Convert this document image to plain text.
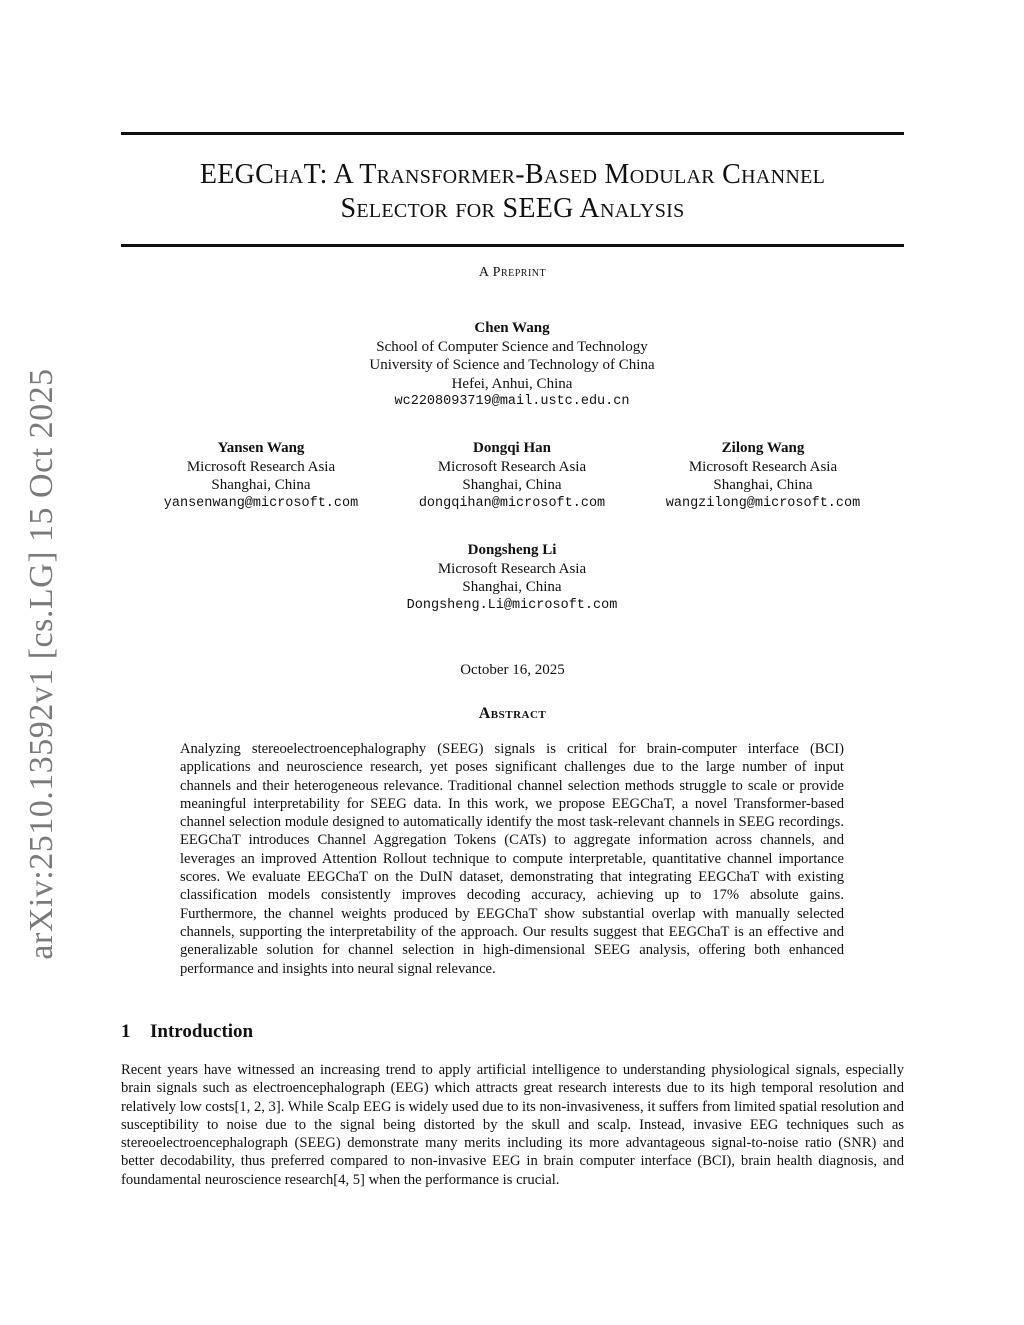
arXiv:2510.13592v1 [cs.LG] 15 Oct 2025
EEGChaT: A Transformer-Based Modular Channel
Selector for SEEG Analysis
A Preprint
Chen Wang
School of Computer Science and Technology
University of Science and Technology of China
Hefei, Anhui, China
wc2208093719@mail.ustc.edu.cn
Yansen Wang
Microsoft Research Asia
Shanghai, China
yansenwang@microsoft.com
Dongqi Han
Microsoft Research Asia
Shanghai, China
dongqihan@microsoft.com
Zilong Wang
Microsoft Research Asia
Shanghai, China
wangzilong@microsoft.com
Dongsheng Li
Microsoft Research Asia
Shanghai, China
Dongsheng.Li@microsoft.com
October 16, 2025
Abstract

Analyzing stereoelectroencephalography (SEEG) signals is critical for brain-computer interface (BCI) applications and neuroscience research, yet poses significant challenges due to the large number of input channels and their heterogeneous relevance. Traditional channel selection methods struggle to scale or provide meaningful interpretability for SEEG data. In this work, we propose EEGChaT, a novel Transformer-based channel selection module designed to automatically identify the most task-relevant channels in SEEG recordings. EEGChaT introduces Channel Aggregation Tokens (CATs) to aggregate information across channels, and leverages an improved Attention Rollout technique to compute interpretable, quantitative channel importance scores. We evaluate EEGChaT on the DuIN dataset, demonstrating that integrating EEGChaT with existing classification models consistently improves decoding accuracy, achieving up to 17% absolute gains. Furthermore, the channel weights produced by EEGChaT show substantial overlap with manually selected channels, supporting the interpretability of the approach. Our results suggest that EEGChaT is an effective and generalizable solution for channel selection in high-dimensional SEEG analysis, offering both enhanced performance and insights into neural signal relevance.

1 Introduction

Recent years have witnessed an increasing trend to apply artificial intelligence to understanding physiological signals, especially brain signals such as electroencephalograph (EEG) which attracts great research interests due to its high temporal resolution and relatively low costs[1, 2, 3]. While Scalp EEG is widely used due to its non-invasiveness, it suffers from limited spatial resolution and susceptibility to noise due to the signal being distorted by the skull and scalp. Instead, invasive EEG techniques such as stereoelectroencephalograph (SEEG) demonstrate many merits including its more advantageous signal-to-noise ratio (SNR) and better decodability, thus preferred compared to non-invasive EEG in brain computer interface (BCI), brain health diagnosis, and foundamental neuroscience research[4, 5] when the performance is crucial.
